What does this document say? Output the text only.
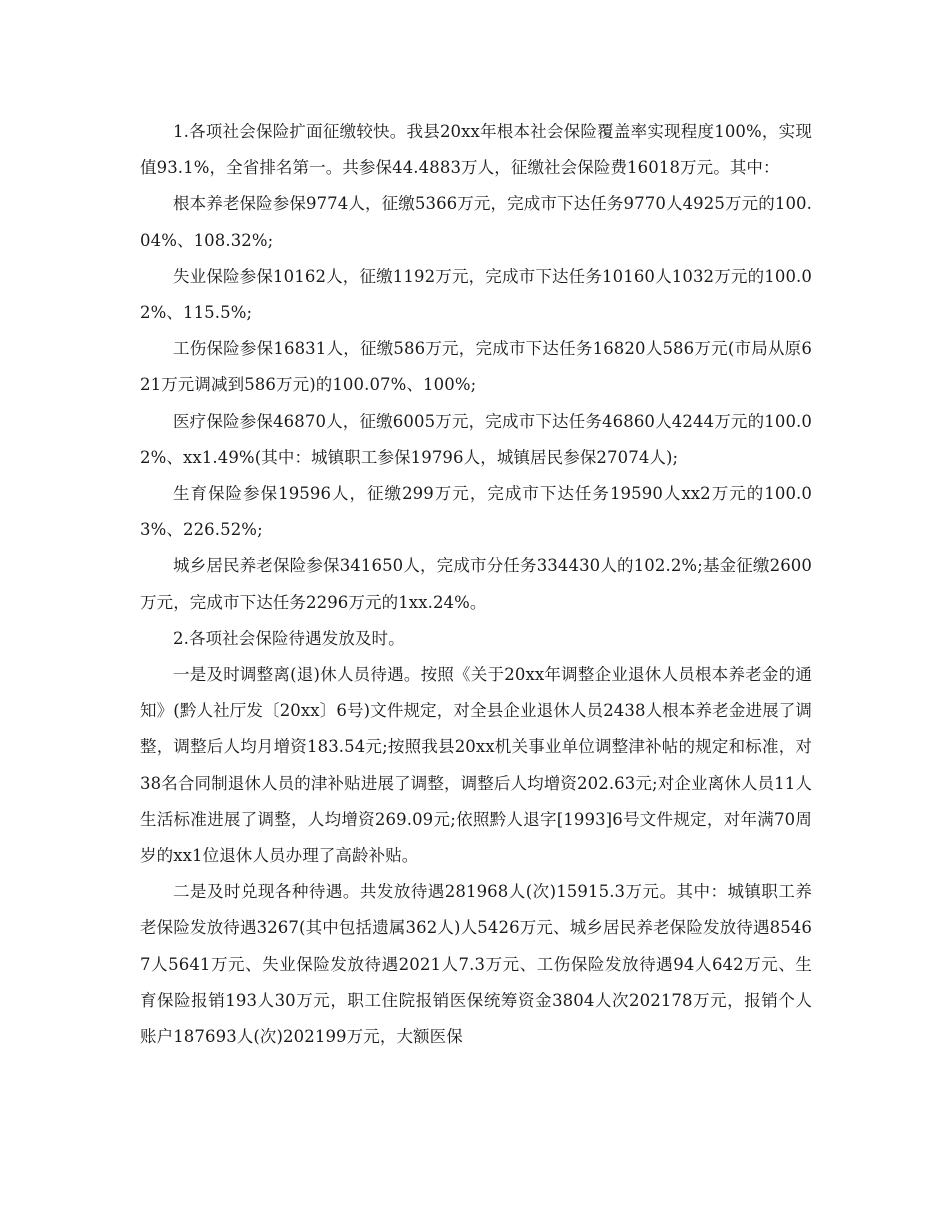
1.各项社会保险扩面征缴较快。我县20xx年根本社会保险覆盖率实现程度100%，实现值93.1%，全省排名第一。共参保44.4883万人，征缴社会保险费16018万元。其中：

根本养老保险参保9774人，征缴5366万元，完成市下达任务9770人4925万元的100.04%、108.32%;

失业保险参保10162人，征缴1192万元，完成市下达任务10160人1032万元的100.02%、115.5%;

工伤保险参保16831人，征缴586万元，完成市下达任务16820人586万元(市局从原621万元调减到586万元)的100.07%、100%;

医疗保险参保46870人，征缴6005万元，完成市下达任务46860人4244万元的100.02%、xx1.49%(其中：城镇职工参保19796人，城镇居民参保27074人);

生育保险参保19596人，征缴299万元，完成市下达任务19590人xx2万元的100.03%、226.52%;

城乡居民养老保险参保341650人，完成市分任务334430人的102.2%;基金征缴2600万元，完成市下达任务2296万元的1xx.24%。

2.各项社会保险待遇发放及时。

一是及时调整离(退)休人员待遇。按照《关于20xx年调整企业退休人员根本养老金的通知》(黔人社厅发〔20xx〕6号)文件规定，对全县企业退休人员2438人根本养老金进展了调整，调整后人均月增资183.54元;按照我县20xx机关事业单位调整津补帖的规定和标准，对38名合同制退休人员的津补贴进展了调整，调整后人均增资202.63元;对企业离休人员11人生活标准进展了调整，人均增资269.09元;依照黔人退字[1993]6号文件规定，对年满70周岁的xx1位退休人员办理了高龄补贴。

二是及时兑现各种待遇。共发放待遇281968人(次)15915.3万元。其中：城镇职工养老保险发放待遇3267(其中包括遗属362人)人5426万元、城乡居民养老保险发放待遇85467人5641万元、失业保险发放待遇2021人7.3万元、工伤保险发放待遇94人642万元、生育保险报销193人30万元，职工住院报销医保统筹资金3804人次202178万元，报销个人账户187693人(次)202199万元，大额医保
